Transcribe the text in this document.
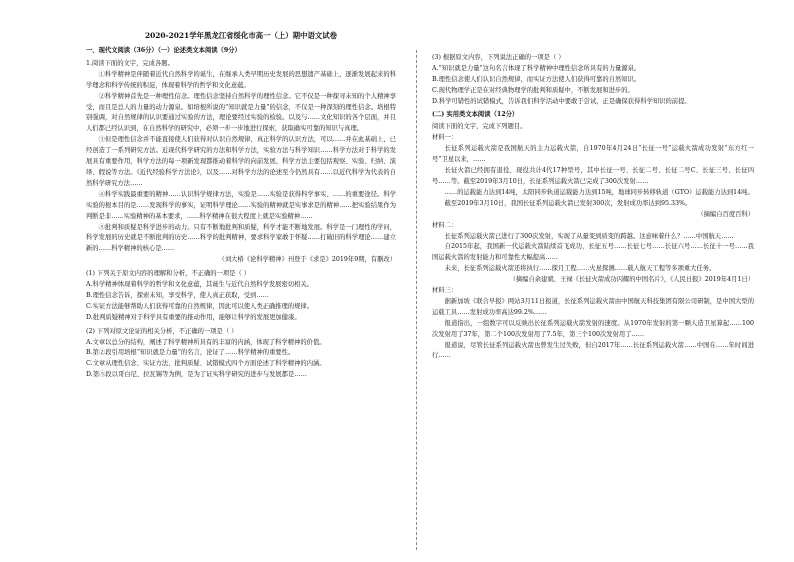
2020-2021学年黑龙江省绥化市高一（上）期中语文试卷
一、现代文阅读（36分）（一）论述类文本阅读（9分）

1.阅读下面的文字，完成各题。

①科学精神是伴随着近代自然科学的诞生，在继承人类早期历史发展的思想遗产基础上，逐渐发展起来的科学理念和科学传统的积淀，体现着科学的哲学和文化意蕴。

②科学精神首先是一种理性信念。理性信念坚持自然科学的理性信念。它不仅是一种探寻未知的个人精神享受，而且是总人的力量的动力源泉。如培根所说的“知识就是力量”的信念，不仅是一种深刻的理性信念。培根特别强调，对自然规律的认识要通过实验的方法，理论要经过实验的检验。以及与……文化知识的各个层面，并且人们都已经认识到，在自然科学的研究中，必须一步一步地进行探索，获取确实可靠的知识与真理。

③但是理性信念并不能直接使人们获得对认识自然规律，真正科学的认识方法，可以……并在此基础上，已经创造了一系列研究方法。近现代科学研究的方法和科学方法，实验方法与科学知识……科学方法对于科学的发展具有重要作用，科学方法的每一项新发现都推动着科学的向前发展，科学方法主要包括观察、实验、归纳、演绎、假说等方法。《近代经验科学方法论》，以及……对科学方法的论述至今仍然具有……以近代科学为代表的自然科学研究方法……

④科学实践最重要的精神……认识科学规律方法，实验是……实验是获得科学事实、……的重要途径。科学实验的根本目的是……发现科学的事实，证明科学理论……实验的精神就是实事求是的精神……把实验结果作为判断是非……实验精神的基本要求，……科学精神在很大程度上就是实验精神……

⑤批判和质疑是科学进步的动力。只有不断地批判和质疑，科学才能不断地发展。科学是一门理性的学问，科学发展的历史就是不断批判的历史……科学的批判精神，要求科学家敢于怀疑……打破旧的科学理论……建立新的……科学精神的核心是……

（刘大椿《论科学精神》刊登于《求是》2019年9期，有删改）

(1) 下列关于原文内容的理解和分析，不正确的一项是（ ）

A.科学精神体现着科学的哲学和文化意蕴，其诞生与近代自然科学发展密切相关。

B.理性信念告诉，探索未知，享受科学，使人真正获取，受到……

C.实证方法能够帮助人们获得可靠的自然规律，因此可以使人类正确推理的规律。

D.批判质疑精神对于科学具有重要的推动作用，能够让科学的发展更加健康。

(2) 下列对原文论证的相关分析，不正确的一项是（ ）

A.文章以总分的结构，阐述了科学精神所具有的丰富的内涵，体现了科学精神的价值。

B.第②段引用培根“知识就是力量”的名言，论证了……科学精神的重要性。

C.文章从理性信念、实证方法、批判质疑、试错模式四个方面论述了科学精神的内涵。

D.第⑤段以哥白尼、拉瓦锡等为例，是为了证实科学研究的进步与发展都是……

(3) 根据原文内容，下列说法正确的一项是（ ）

A.“知识就是力量”这句名言体现了科学精神中理性信念所具有的力量源泉。

B.理性信念使人们认识自然规律，而实证方法使人们获得可靠的自然知识。

C.现代物理学正是在对经典物理学的批判和质疑中，不断发展和进步的。

D.科学可错性的试错模式，告诉我们科学活动中要敢于尝试，正是确保获得科学知识的前提。

(二) 实用类文本阅读（12分）

阅读下面的文字，完成下列题目。

材料一：

长征系列运载火箭是我国航天的主力运载火箭，自1970年4月24日“长征一号”运载火箭成功发射“东方红一号”卫星以来，……

长征火箭已经拥有退役、现役共计4代17种型号，其中长征一号、长征二号、长征二号C、长征三号、长征四号……等。截至2019年3月10日，长征系列运载火箭已完成了300次发射……

……的运载能力达到14吨，太阳同步轨道运载能力达到15吨，地球同步转移轨道（GTO）运载能力达到14吨。

截至2019年3月10日，我国长征系列运载火箭已发射300次，发射成功率达到95.33%。

（摘编自百度百科）

材料二：

长征系列运载火箭已进行了300次发射，实现了从量变到质变的跨越。这意味着什么？……中国航天……

自2015年起，我国新一代运载火箭陆续首飞成功，长征五号……长征七号……长征六号……长征十一号……我国运载火箭的发射能力和可靠性大幅提高……

未来，长征系列运载火箭还将执行……探月工程……火星探测……载人航天工程等多项重大任务。

（摘编自余建斌、王禄《长征火箭成功闪耀的中国名片》，《人民日报》2019年4月1日）

材料三：

据新加坡《联合早报》网站3月11日报道，长征系列运载火箭由中国航天科技集团有限公司研制，是中国大型的运载工具……发射成功率高达99.2%……

报道指出，一组数字可以反映出长征系列运载火箭发射的速度。从1970年发射的第一颗人造卫星算起……100次发射用了37年，第二个100次发射用了7.5年，第三个100次发射用了……

报道说，尽管长征系列运载火箭也曾发生过失败，但自2017年……长征系列运载火箭……中国在……年时间进行……
